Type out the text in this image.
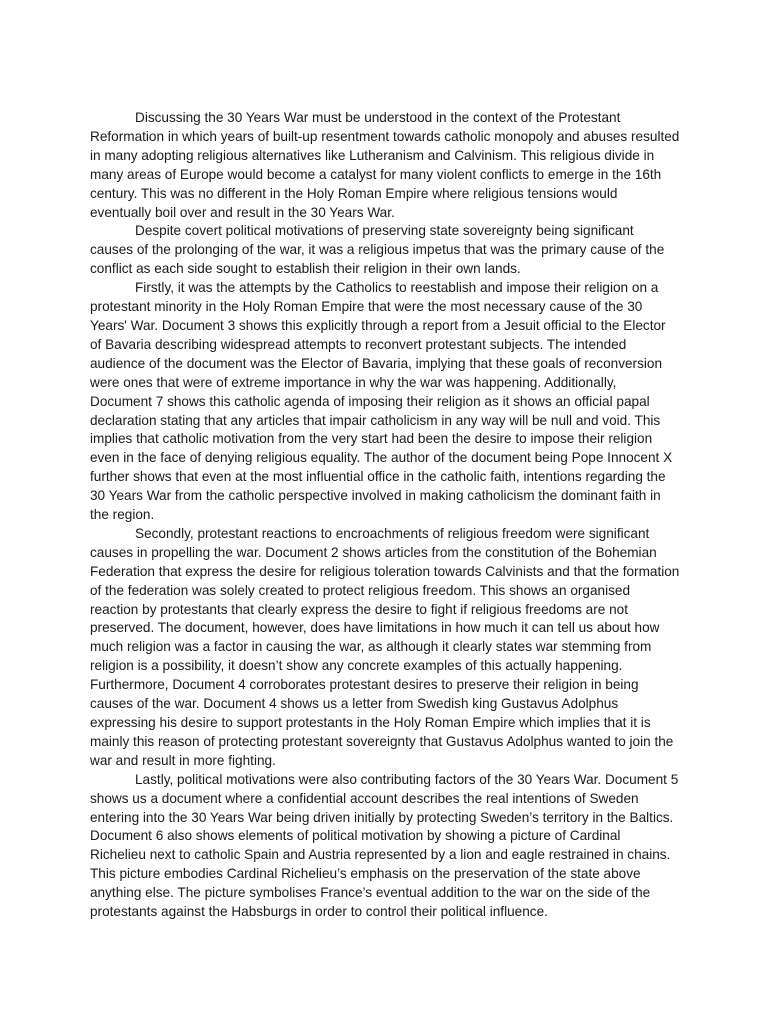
Discussing the 30 Years War must be understood in the context of the Protestant Reformation in which years of built-up resentment towards catholic monopoly and abuses resulted in many adopting religious alternatives like Lutheranism and Calvinism. This religious divide in many areas of Europe would become a catalyst for many violent conflicts to emerge in the 16th century. This was no different in the Holy Roman Empire where religious tensions would eventually boil over and result in the 30 Years War.

Despite covert political motivations of preserving state sovereignty being significant causes of the prolonging of the war, it was a religious impetus that was the primary cause of the conflict as each side sought to establish their religion in their own lands.

Firstly, it was the attempts by the Catholics to reestablish and impose their religion on a protestant minority in the Holy Roman Empire that were the most necessary cause of the 30 Years' War. Document 3 shows this explicitly through a report from a Jesuit official to the Elector of Bavaria describing widespread attempts to reconvert protestant subjects. The intended audience of the document was the Elector of Bavaria, implying that these goals of reconversion were ones that were of extreme importance in why the war was happening. Additionally, Document 7 shows this catholic agenda of imposing their religion as it shows an official papal declaration stating that any articles that impair catholicism in any way will be null and void. This implies that catholic motivation from the very start had been the desire to impose their religion even in the face of denying religious equality. The author of the document being Pope Innocent X further shows that even at the most influential office in the catholic faith, intentions regarding the 30 Years War from the catholic perspective involved in making catholicism the dominant faith in the region.

Secondly, protestant reactions to encroachments of religious freedom were significant causes in propelling the war. Document 2 shows articles from the constitution of the Bohemian Federation that express the desire for religious toleration towards Calvinists and that the formation of the federation was solely created to protect religious freedom. This shows an organised reaction by protestants that clearly express the desire to fight if religious freedoms are not preserved. The document, however, does have limitations in how much it can tell us about how much religion was a factor in causing the war, as although it clearly states war stemming from religion is a possibility, it doesn’t show any concrete examples of this actually happening. Furthermore, Document 4 corroborates protestant desires to preserve their religion in being causes of the war. Document 4 shows us a letter from Swedish king Gustavus Adolphus expressing his desire to support protestants in the Holy Roman Empire which implies that it is mainly this reason of protecting protestant sovereignty that Gustavus Adolphus wanted to join the war and result in more fighting.

Lastly, political motivations were also contributing factors of the 30 Years War. Document 5 shows us a document where a confidential account describes the real intentions of Sweden entering into the 30 Years War being driven initially by protecting Sweden’s territory in the Baltics. Document 6 also shows elements of political motivation by showing a picture of Cardinal Richelieu next to catholic Spain and Austria represented by a lion and eagle restrained in chains. This picture embodies Cardinal Richelieu’s emphasis on the preservation of the state above anything else. The picture symbolises France’s eventual addition to the war on the side of the protestants against the Habsburgs in order to control their political influence.
